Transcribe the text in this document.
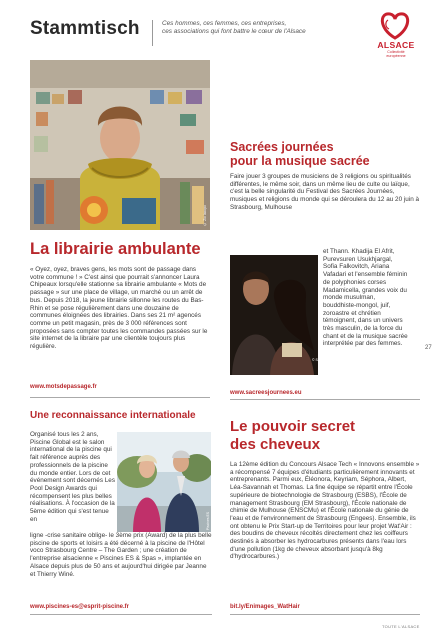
Stammtisch	Ces hommes, ces femmes, ces entreprises,
ces associations qui font battre le cœur de l'Alsace
ALSACE
Collectivité
européenne
© Zio Iacopo
La librairie ambulante
« Oyez, oyez, braves gens, les mots sont de passage dans votre commune ! » C'est ainsi que pourrait s'annoncer Laura Chipeaux lorsqu'elle stationne sa librairie ambulante « Mots de passage » sur une place de village, un marché ou un arrêt de bus. Depuis 2018, la jeune librairie sillonne les routes du Bas-Rhin et se pose régulièrement dans une douzaine de communes éloignées des librairies. Dans ses 21 m² agencés comme un petit magasin, près de 3 000 références sont proposées sans compter toutes les commandes passées sur le site internet de la libraire par une clientèle toujours plus régulière.
www.motsdepassage.fr
Sacrées journées
pour la musique sacrée
Faire jouer 3 groupes de musiciens de 3 religions ou spiritualités différentes, le même soir, dans un même lieu de culte ou laïque, c'est la belle singularité du Festival des Sacrées Journées, musiques et religions du monde qui se déroulera du 12 au 20 juin à Strasbourg, Mulhouse
© Sacrées Journées
et Thann. Khadija El Afrit, Purevsuren Usukhjargal, Sofia Falkovitch, Ariana Vafadari et l'ensemble féminin de polyphonies corses Madamicella, grandes voix du monde musulman, bouddhiste-mongol, juif, zoroastre et chrétien témoignent, dans un univers très masculin, de la force du chant et de la musique sacrée interprétée par des femmes.
www.sacreesjournees.eu
27
Une reconnaissance internationale
Organisé tous les 2 ans, Piscine Global est le salon international de la piscine qui fait référence auprès des professionnels de la piscine du monde entier. Lors de cet événement sont décernés Les Pool Design Awards qui récompensent les plus belles réalisations. À l'occasion de la 5ème édition qui s'est tenue en	© Piscines ES
ligne -crise sanitaire oblige- le 3ème prix (Award) de la plus belle piscine de sports et loisirs a été décerné à la piscine de l'Hôtel voco Strasbourg Centre – The Garden ; une création de l'entreprise alsacienne « Piscines ES & Spas », implantée en Alsace depuis plus de 50 ans et aujourd'hui dirigée par Jeanne et Thierry Winé.
www.piscines-es@esprit-piscine.fr
Le pouvoir secret
des cheveux
La 12ème édition du Concours Alsace Tech « Innovons ensemble » a récompensé 7 équipes d'étudiants particulièrement innovants et entreprenants. Parmi eux, Éléonora, Keyriam, Séphora, Albert, Léa-Savannah et Thomas. La fine équipe se répartit entre l'École supérieure de biotechnologie de Strasbourg (ESBS), l'École de management Strasbourg (EM Strasbourg), l'École nationale de chimie de Mulhouse (ENSCMu) et l'École nationale du génie de l'eau et de l'environnement de Strasbourg (Engees). Ensemble, ils ont obtenu le Prix Start-up de Territoires pour leur projet Wat'Air : des boudins de cheveux récoltés directement chez les coiffeurs destinés à absorber les hydrocarbures présents dans l'eau lors d'une pollution (1kg de cheveux absorbant jusqu'à 8kg d'hydrocarbures.)
bit.ly/Enimages_WatHair
TOUTE L'ALSACE
